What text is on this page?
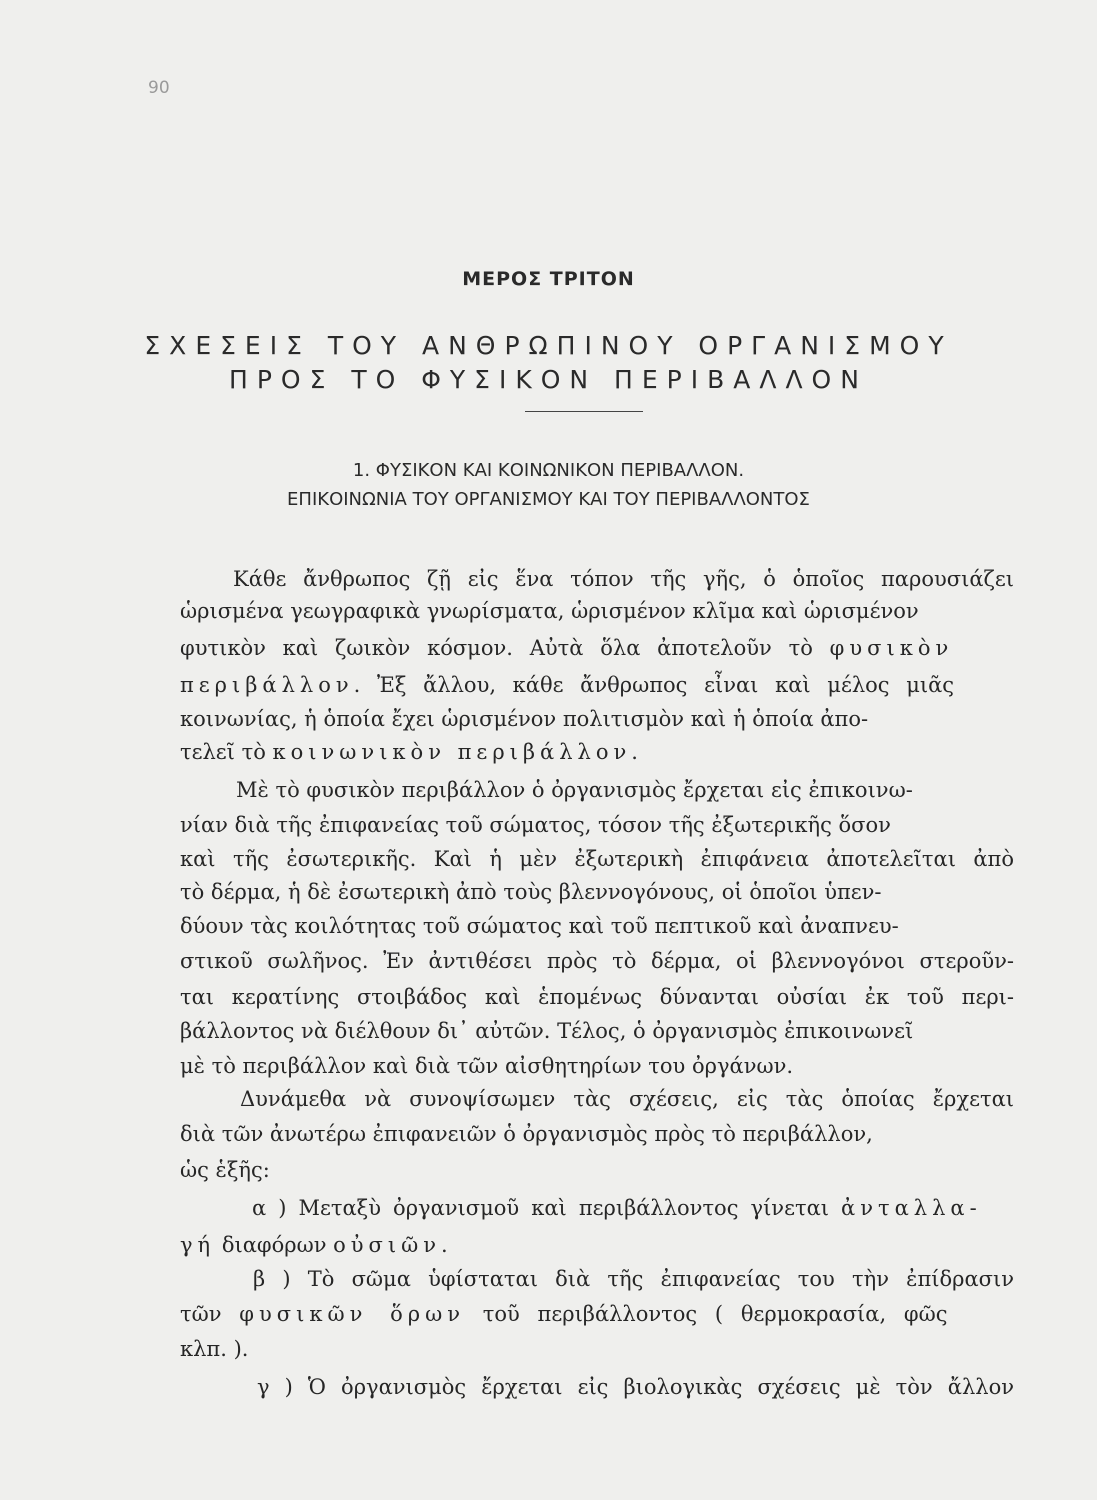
90
ΜΕΡΟΣ ΤΡΙΤΟΝ
ΣΧΕΣΕΙΣ ΤΟΥ ΑΝΘΡΩΠΙΝΟΥ ΟΡΓΑΝΙΣΜΟΥ
ΠΡΟΣ ΤΟ ΦΥΣΙΚΟΝ ΠΕΡΙΒΑΛΛΟΝ
1. ΦΥΣΙΚΟΝ ΚΑΙ ΚΟΙΝΩΝΙΚΟΝ ΠΕΡΙΒΑΛΛΟΝ.
ΕΠΙΚΟΙΝΩΝΙΑ ΤΟΥ ΟΡΓΑΝΙΣΜΟΥ ΚΑΙ ΤΟΥ ΠΕΡΙΒΑΛΛΟΝΤΟΣ
Κάθε ἄνθρωπος ζῇ εἰς ἕνα τόπον τῆς γῆς, ὁ ὁποῖος παρουσιάζει
ὡρισμένα γεωγραφικὰ γνωρίσματα, ὡρισμένον κλῖμα καὶ ὡρισμένον
φυτικὸν καὶ ζωικὸν κόσμον. Αὐτὰ ὅλα ἀποτελοῦν τὸ φυσικὸν
περιβάλλον. Ἐξ ἄλλου, κάθε ἄνθρωπος εἶναι καὶ μέλος μιᾶς
κοινωνίας, ἡ ὁποία ἔχει ὡρισμένον πολιτισμὸν καὶ ἡ ὁποία ἀπο-
τελεῖ τὸ κοινωνικὸν περιβάλλον.
Μὲ τὸ φυσικὸν περιβάλλον ὁ ὀργανισμὸς ἔρχεται εἰς ἐπικοινω-
νίαν διὰ τῆς ἐπιφανείας τοῦ σώματος, τόσον τῆς ἐξωτερικῆς ὅσον
καὶ τῆς ἐσωτερικῆς. Καὶ ἡ μὲν ἐξωτερικὴ ἐπιφάνεια ἀποτελεῖται ἀπὸ
τὸ δέρμα, ἡ δὲ ἐσωτερικὴ ἀπὸ τοὺς βλεννογόνους, οἱ ὁποῖοι ὑπεν-
δύουν τὰς κοιλότητας τοῦ σώματος καὶ τοῦ πεπτικοῦ καὶ ἀναπνευ-
στικοῦ σωλῆνος. Ἐν ἀντιθέσει πρὸς τὸ δέρμα, οἱ βλεννογόνοι στεροῦν-
ται κερατίνης στοιβάδος καὶ ἑπομένως δύνανται οὐσίαι ἐκ τοῦ περι-
βάλλοντος νὰ διέλθουν δι᾿ αὐτῶν. Τέλος, ὁ ὀργανισμὸς ἐπικοινωνεῖ
μὲ τὸ περιβάλλον καὶ διὰ τῶν αἰσθητηρίων του ὀργάνων.
Δυνάμεθα νὰ συνοψίσωμεν τὰς σχέσεις, εἰς τὰς ὁποίας ἔρχεται
διὰ τῶν ἀνωτέρω ἐπιφανειῶν ὁ ὀργανισμὸς πρὸς τὸ περιβάλλον,
ὡς ἑξῆς:
α ) Μεταξὺ ὀργανισμοῦ καὶ περιβάλλοντος γίνεται ἀνταλλα-
γή διαφόρων οὐσιῶν.
β ) Τὸ σῶμα ὑφίσταται διὰ τῆς ἐπιφανείας του τὴν ἐπίδρασιν
τῶν φυσικῶν ὅρων τοῦ περιβάλλοντος ( θερμοκρασία, φῶς
κλπ. ).
γ ) Ὁ ὀργανισμὸς ἔρχεται εἰς βιολογικὰς σχέσεις μὲ τὸν ἄλλον
